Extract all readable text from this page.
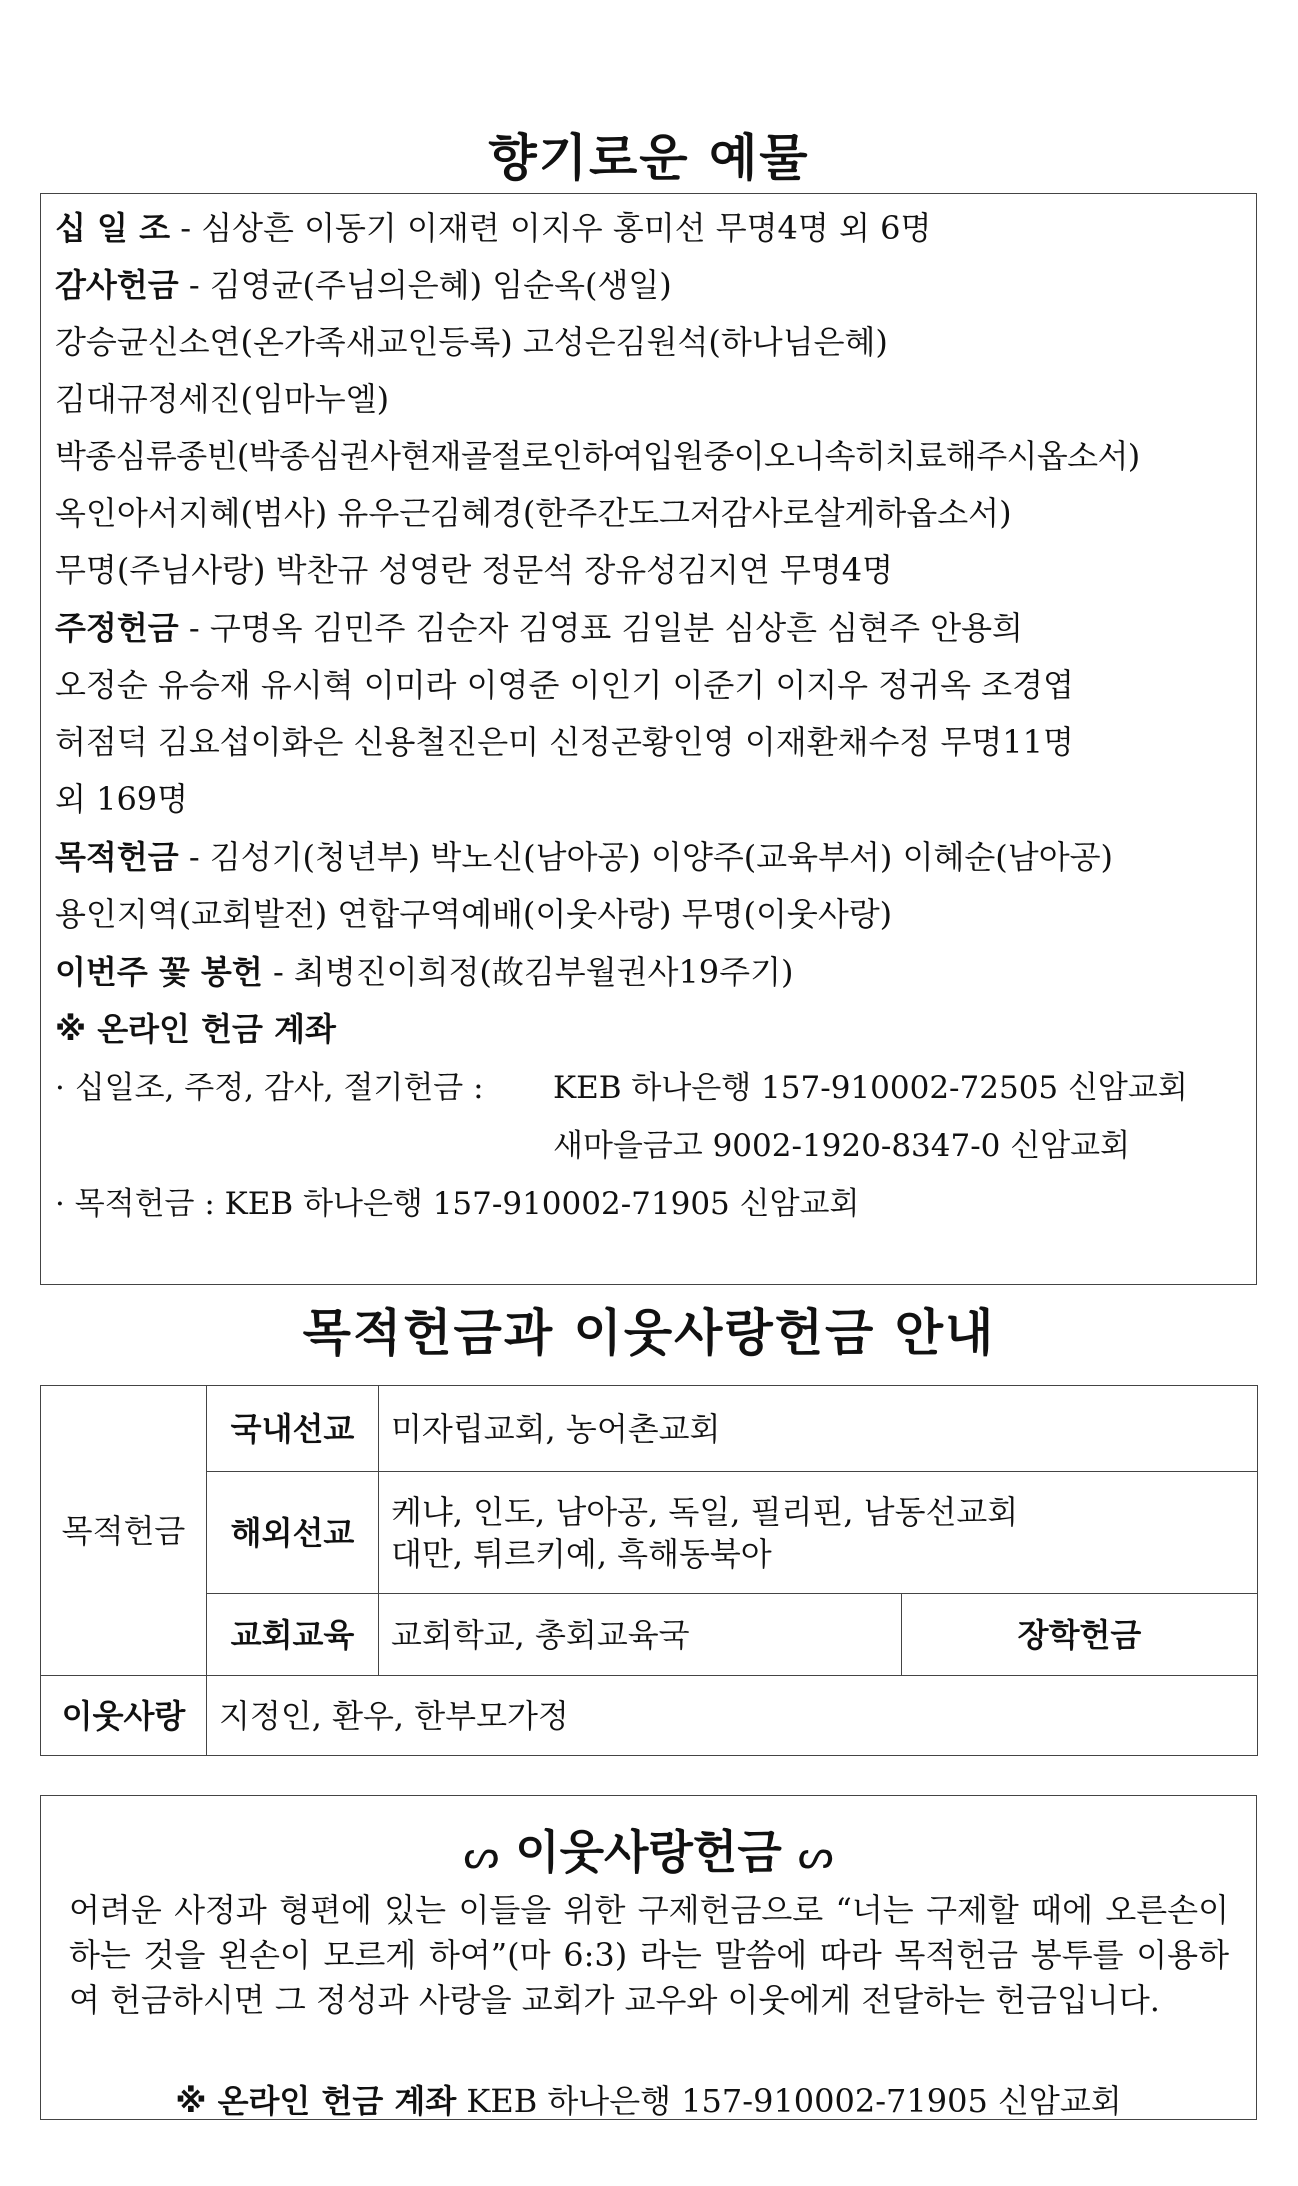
향기로운 예물
십 일 조 - 심상흔 이동기 이재련 이지우 홍미선 무명4명 외 6명
감사헌금 - 김영균(주님의은혜) 임순옥(생일)
강승균신소연(온가족새교인등록) 고성은김원석(하나님은혜)
김대규정세진(임마누엘)
박종심류종빈(박종심권사현재골절로인하여입원중이오니속히치료해주시옵소서)
옥인아서지혜(범사) 유우근김혜경(한주간도그저감사로살게하옵소서)
무명(주님사랑) 박찬규 성영란 정문석 장유성김지연 무명4명
주정헌금 - 구명옥 김민주 김순자 김영표 김일분 심상흔 심현주 안용희
오정순 유승재 유시혁 이미라 이영준 이인기 이준기 이지우 정귀옥 조경엽
허점덕 김요섭이화은 신용철진은미 신정곤황인영 이재환채수정 무명11명
외 169명
목적헌금 - 김성기(청년부) 박노신(남아공) 이양주(교육부서) 이혜순(남아공)
용인지역(교회발전) 연합구역예배(이웃사랑) 무명(이웃사랑)
이번주 꽃 봉헌 - 최병진이희정(故김부월권사19주기)
※ 온라인 헌금 계좌
· 십일조, 주정, 감사, 절기헌금 : KEB 하나은행 157-910002-72505 신암교회
새마을금고 9002-1920-8347-0 신암교회
· 목적헌금 : KEB 하나은행 157-910002-71905 신암교회
목적헌금과 이웃사랑헌금 안내
목적헌금	국내선교	미자립교회, 농어촌교회	
	해외선교	케냐, 인도, 남아공, 독일, 필리핀, 남동선교회
대만, 튀르키예, 흑해동북아	

	교회교육	교회학교, 총회교육국	장학헌금
이웃사랑	지정인, 환우, 한부모가정		
ᔕ 이웃사랑헌금 ᔕ
어려운 사정과 형편에 있는 이들을 위한 구제헌금으로 “너는 구제할 때에 오른손이 하는 것을 왼손이 모르게 하여”(마 6:3) 라는 말씀에 따라 목적헌금 봉투를 이용하여 헌금하시면 그 정성과 사랑을 교회가 교우와 이웃에게 전달하는 헌금입니다.
※ 온라인 헌금 계좌 KEB 하나은행 157-910002-71905 신암교회
